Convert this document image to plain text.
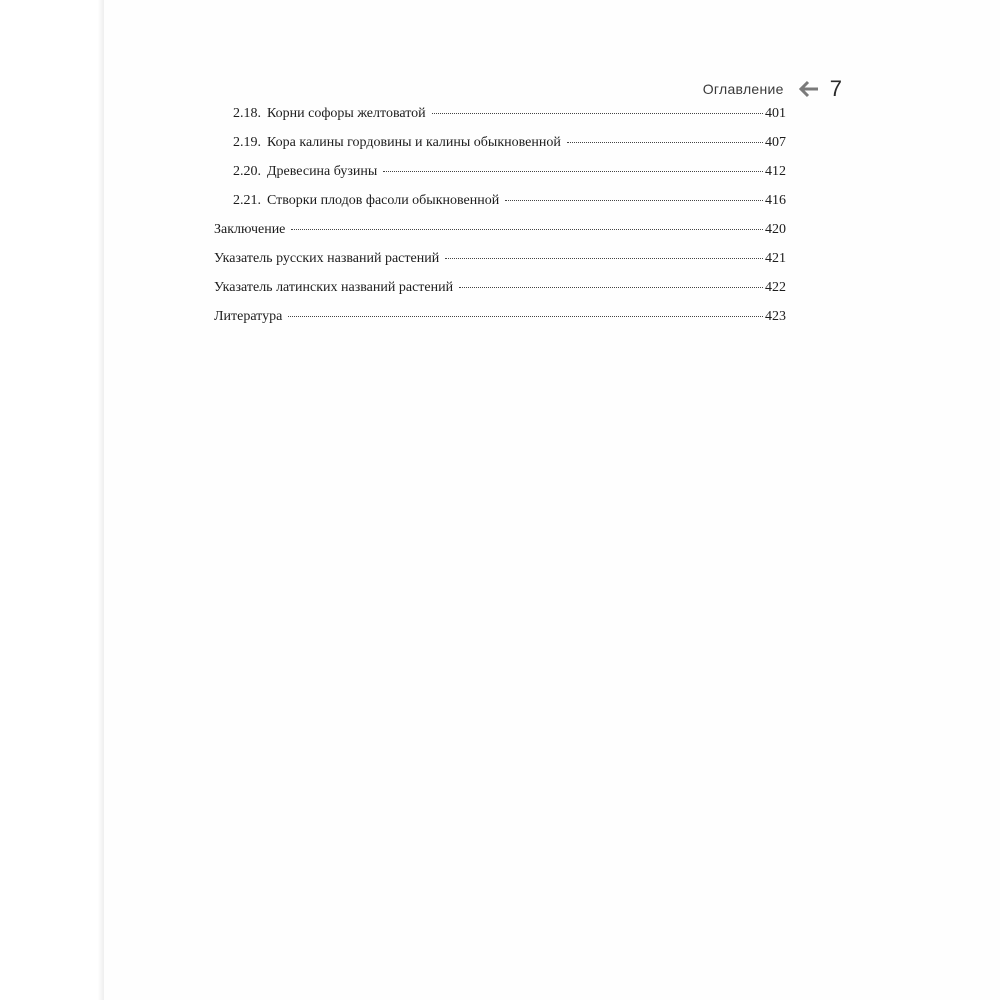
Оглавление 7
2.18. Корни софоры желтоватой	401
2.19. Кора калины гордовины и калины обыкновенной	407
2.20. Древесина бузины	412
2.21. Створки плодов фасоли обыкновенной	416
Заключение	420
Указатель русских названий растений	421
Указатель латинских названий растений	422
Литература	423
